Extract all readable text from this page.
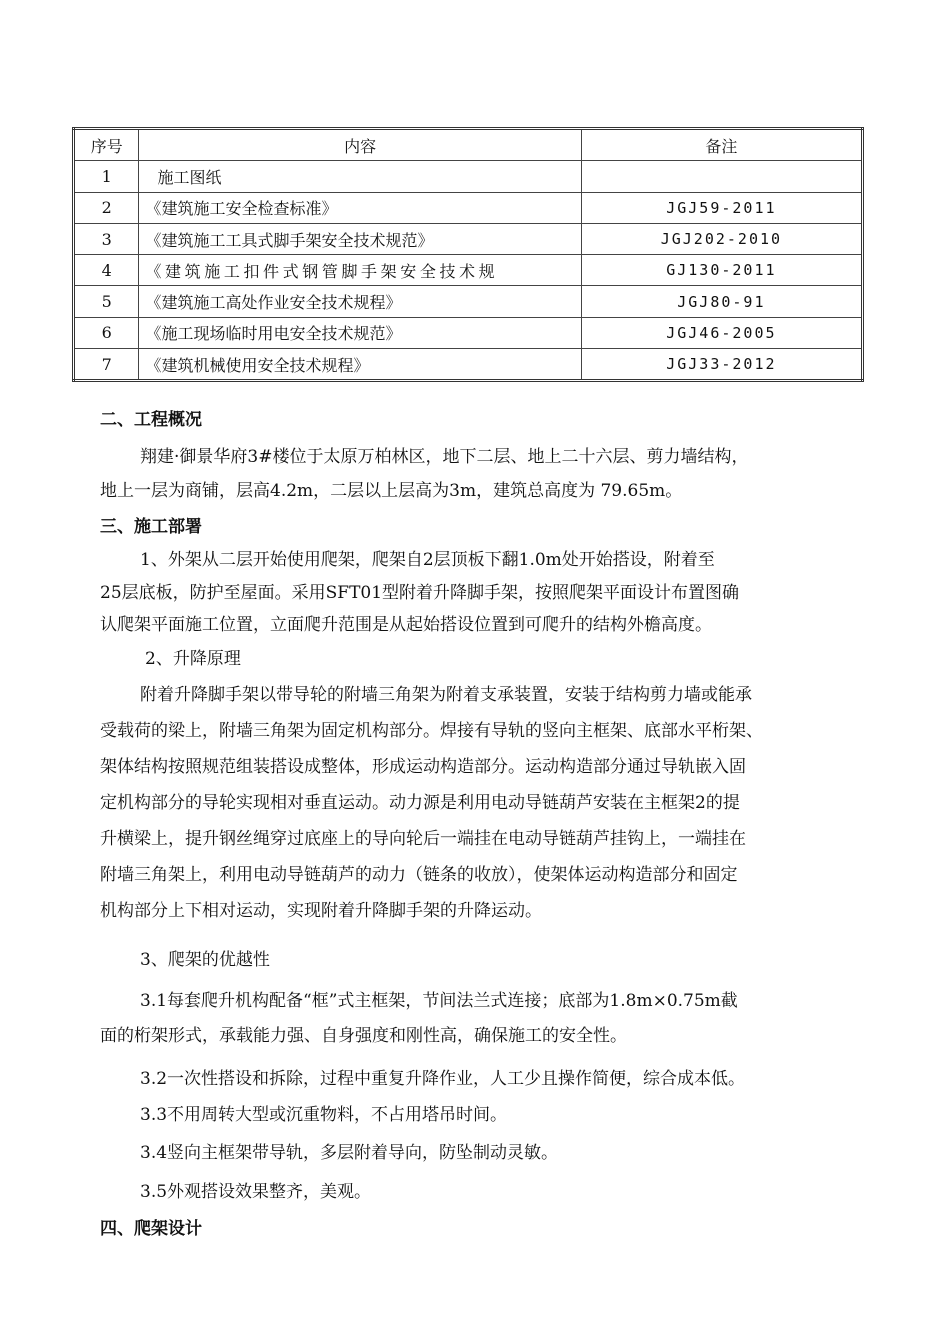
序号	内容	备注
1	施工图纸	
2	《建筑施工安全检查标准》	JGJ59-2011
3	《建筑施工工具式脚手架安全技术规范》	JGJ202-2010
4	《建筑施工扣件式钢管脚手架安全技术规	GJ130-2011
5	《建筑施工高处作业安全技术规程》	JGJ80-91
6	《施工现场临时用电安全技术规范》	JGJ46-2005
7	《建筑机械使用安全技术规程》	JGJ33-2012
二、工程概况
翔建·御景华府3#楼位于太原万柏林区，地下二层、地上二十六层、剪力墙结构，
地上一层为商铺，层高4.2m，二层以上层高为3m，建筑总高度为 79.65m。
三、施工部署
1、外架从二层开始使用爬架，爬架自2层顶板下翻1.0m处开始搭设，附着至
25层底板，防护至屋面。采用SFT01型附着升降脚手架，按照爬架平面设计布置图确
认爬架平面施工位置，立面爬升范围是从起始搭设位置到可爬升的结构外檐高度。
2、升降原理
附着升降脚手架以带导轮的附墙三角架为附着支承装置，安装于结构剪力墙或能承
受载荷的梁上，附墙三角架为固定机构部分。焊接有导轨的竖向主框架、底部水平桁架、
架体结构按照规范组装搭设成整体，形成运动构造部分。运动构造部分通过导轨嵌入固
定机构部分的导轮实现相对垂直运动。动力源是利用电动导链葫芦安装在主框架2的提
升横梁上，提升钢丝绳穿过底座上的导向轮后一端挂在电动导链葫芦挂钩上，一端挂在
附墙三角架上，利用电动导链葫芦的动力（链条的收放），使架体运动构造部分和固定
机构部分上下相对运动，实现附着升降脚手架的升降运动。
3、爬架的优越性
3.1每套爬升机构配备“框”式主框架，节间法兰式连接；底部为1.8m×0.75m截
面的桁架形式，承载能力强、自身强度和刚性高，确保施工的安全性。
3.2一次性搭设和拆除，过程中重复升降作业，人工少且操作简便，综合成本低。
3.3不用周转大型或沉重物料，不占用塔吊时间。
3.4竖向主框架带导轨，多层附着导向，防坠制动灵敏。
3.5外观搭设效果整齐，美观。
四、爬架设计
